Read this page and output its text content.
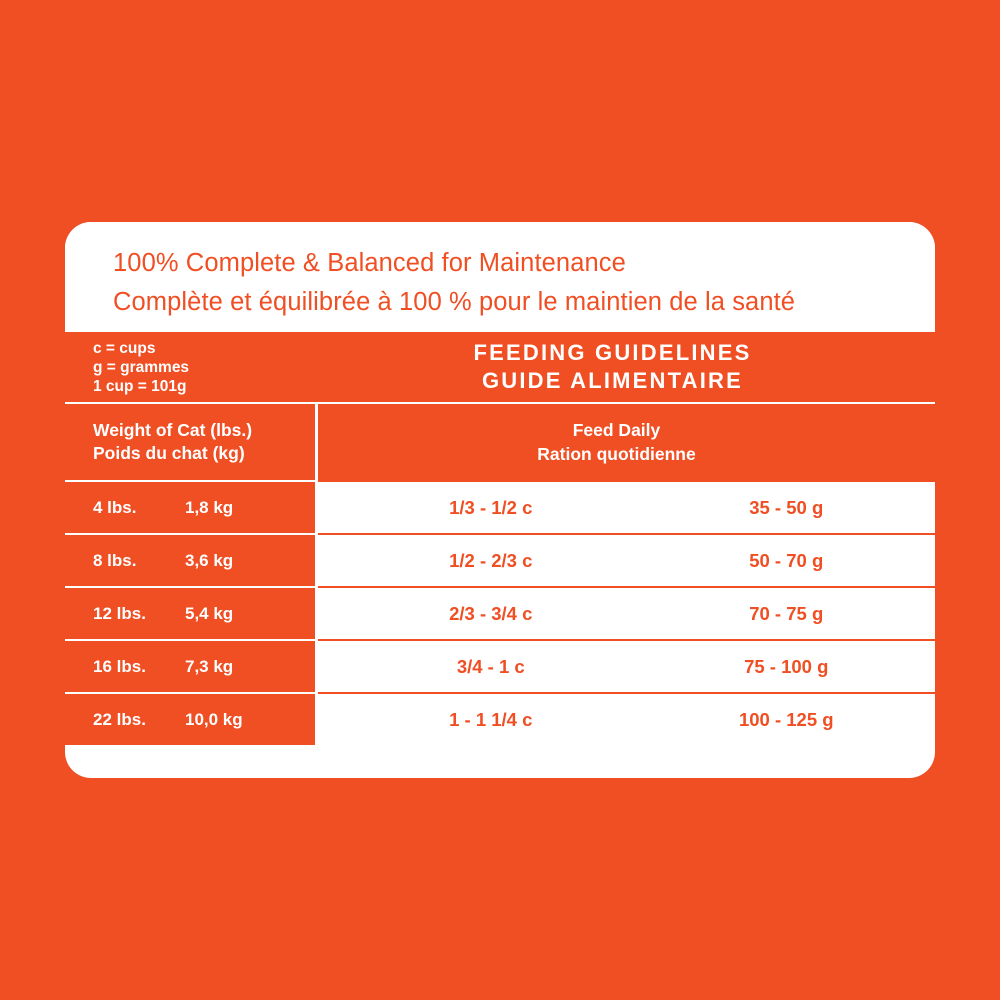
100% Complete & Balanced for Maintenance
Complète et équilibrée à 100 % pour le maintien de la santé
c = cups
g = grammes
1 cup = 101g
FEEDING GUIDELINES
GUIDE ALIMENTAIRE
Weight of Cat (lbs.)
Poids du chat (kg)
Feed Daily
Ration quotidienne
4 lbs.	1,8 kg	1/3 - 1/2 c	35 - 50 g
8 lbs.	3,6 kg	1/2 - 2/3 c	50 - 70 g
12 lbs.	5,4 kg	2/3 - 3/4 c	70 - 75 g
16 lbs.	7,3 kg	3/4 - 1 c	75 - 100 g
22 lbs.	10,0 kg	1 - 1 1/4 c	100 - 125 g
